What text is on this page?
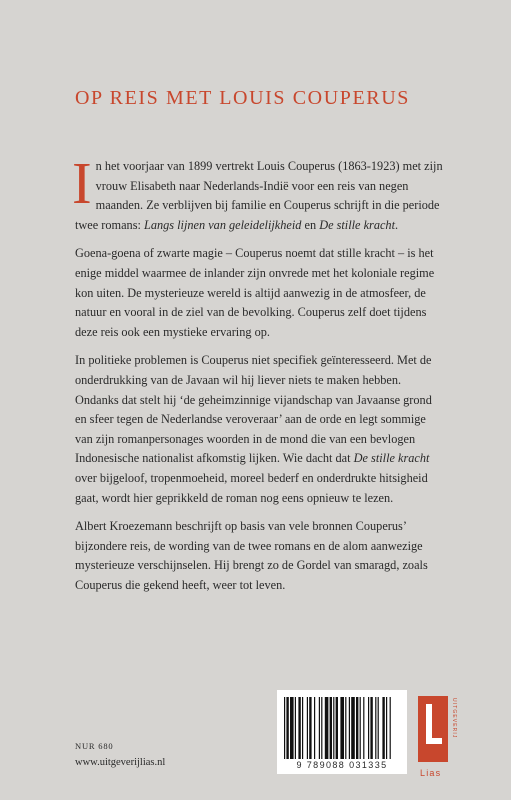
OP REIS MET LOUIS COUPERUS

In het voorjaar van 1899 vertrekt Louis Couperus (1863-1923) met zijn vrouw Elisabeth naar Nederlands-Indië voor een reis van negen maanden. Ze verblijven bij familie en Couperus schrijft in die periode twee romans: Langs lijnen van geleidelijkheid en De stille kracht.

Goena-goena of zwarte magie – Couperus noemt dat stille kracht – is het enige middel waarmee de inlander zijn onvrede met het koloniale regime kon uiten. De mysterieuze wereld is altijd aanwezig in de atmosfeer, de natuur en vooral in de ziel van de bevolking. Couperus zelf doet tijdens deze reis ook een mystieke ervaring op.

In politieke problemen is Couperus niet specifiek geïnteresseerd. Met de onderdrukking van de Javaan wil hij liever niets te maken hebben. Ondanks dat stelt hij ‘de geheimzinnige vijandschap van Javaanse grond en sfeer tegen de Nederlandse veroveraar’ aan de orde en legt sommige van zijn romanpersonages woorden in de mond die van een bevlogen Indonesische nationalist afkomstig lijken. Wie dacht dat De stille kracht over bijgeloof, tropenmoeheid, moreel bederf en onderdrukte hitsigheid gaat, wordt hier geprikkeld de roman nog eens opnieuw te lezen.

Albert Kroezemann beschrijft op basis van vele bronnen Couperus’ bijzondere reis, de wording van de twee romans en de alom aanwezige mysterieuze verschijnselen. Hij brengt zo de Gordel van smaragd, zoals Couperus die gekend heeft, weer tot leven.

NUR 680
www.uitgeverijlias.nl	9 789088 031335
UITGEVERIJ
Lias
